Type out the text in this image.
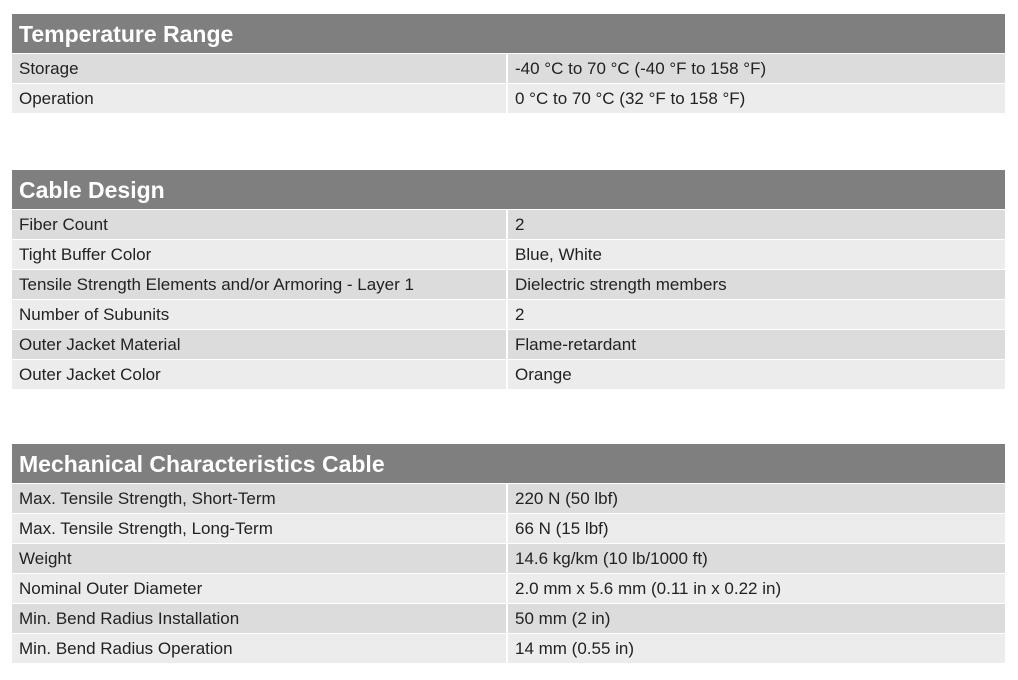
Temperature Range
Storage	-40 °C to 70 °C (-40 °F to 158 °F)
Operation	0 °C to 70 °C (32 °F to 158 °F)
Cable Design
Fiber Count	2
Tight Buffer Color	Blue, White
Tensile Strength Elements and/or Armoring - Layer 1	Dielectric strength members
Number of Subunits	2
Outer Jacket Material	Flame-retardant
Outer Jacket Color	Orange
Mechanical Characteristics Cable
Max. Tensile Strength, Short-Term	220 N (50 lbf)
Max. Tensile Strength, Long-Term	66 N (15 lbf)
Weight	14.6 kg/km (10 lb/1000 ft)
Nominal Outer Diameter	2.0 mm x 5.6 mm (0.11 in x 0.22 in)
Min. Bend Radius Installation	50 mm (2 in)
Min. Bend Radius Operation	14 mm (0.55 in)
